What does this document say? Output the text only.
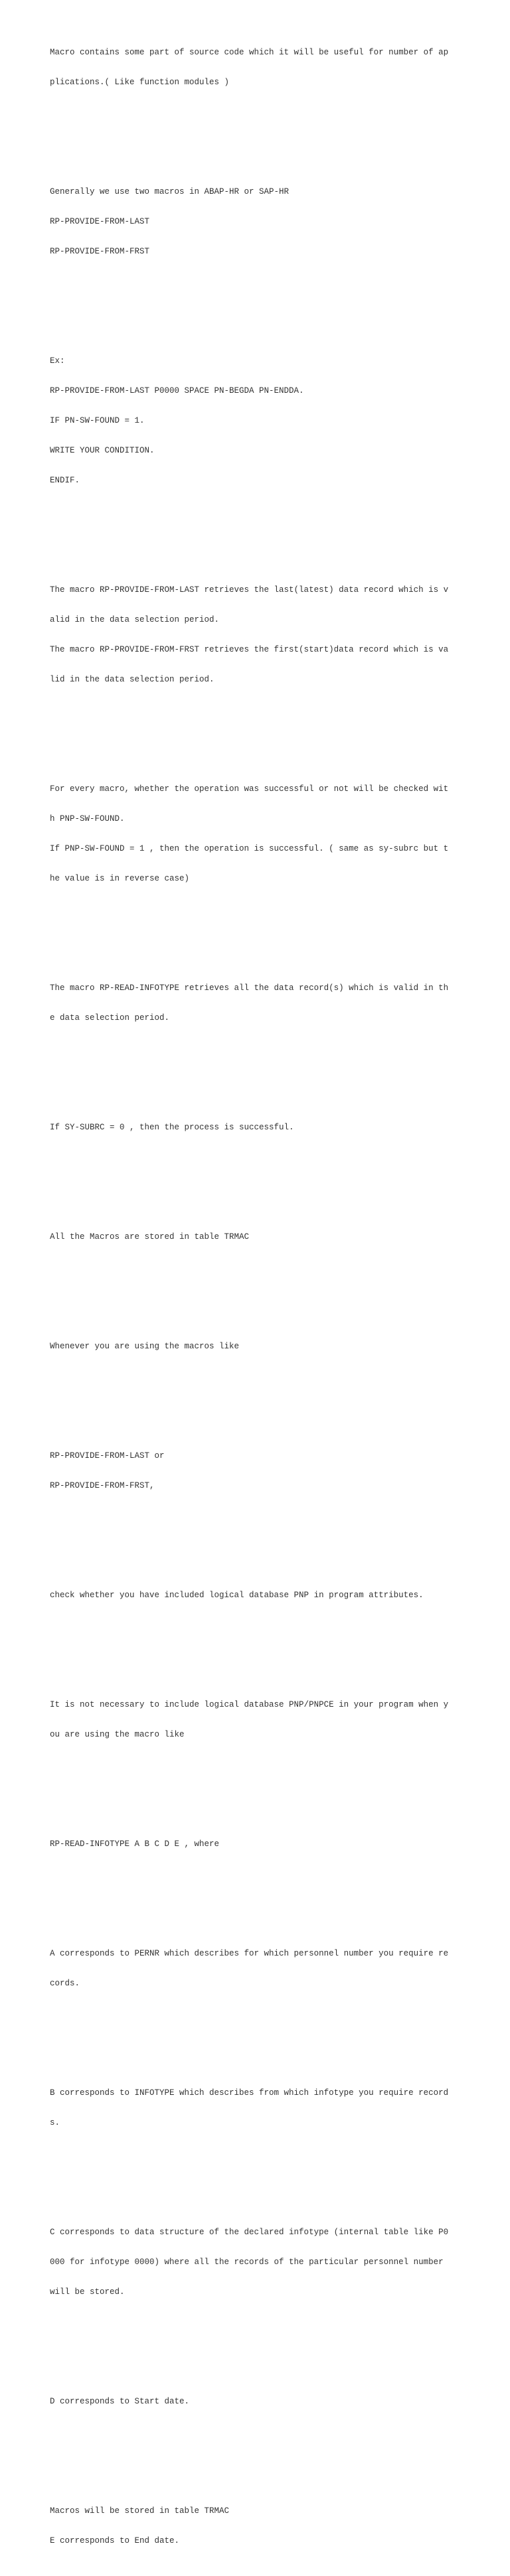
Macro contains some part of source code which it will be useful for number of ap

plications.( Like function modules )

Generally we use two macros in ABAP-HR or SAP-HR

RP-PROVIDE-FROM-LAST

RP-PROVIDE-FROM-FRST

Ex:

RP-PROVIDE-FROM-LAST P0000 SPACE PN-BEGDA PN-ENDDA.

IF PN-SW-FOUND = 1.

WRITE YOUR CONDITION.

ENDIF.

The macro RP-PROVIDE-FROM-LAST retrieves the last(latest) data record which is v

alid in the data selection period.

The macro RP-PROVIDE-FROM-FRST retrieves the first(start)data record which is va

lid in the data selection period.

For every macro, whether the operation was successful or not will be checked wit

h PNP-SW-FOUND.

If PNP-SW-FOUND = 1 , then the operation is successful. ( same as sy-subrc but t

he value is in reverse case)

The macro RP-READ-INFOTYPE retrieves all the data record(s) which is valid in th

e data selection period.

If SY-SUBRC = 0 , then the process is successful.

All the Macros are stored in table TRMAC

Whenever you are using the macros like

RP-PROVIDE-FROM-LAST or

RP-PROVIDE-FROM-FRST,

check whether you have included logical database PNP in program attributes.

It is not necessary to include logical database PNP/PNPCE in your program when y

ou are using the macro like

RP-READ-INFOTYPE A B C D E , where

A corresponds to PERNR which describes for which personnel number you require re

cords.

B corresponds to INFOTYPE which describes from which infotype you require record

s.

C corresponds to data structure of the declared infotype (internal table like P0

000 for infotype 0000) where all the records of the particular personnel number

will be stored.

D corresponds to Start date.

Macros will be stored in table TRMAC

E corresponds to End date.
